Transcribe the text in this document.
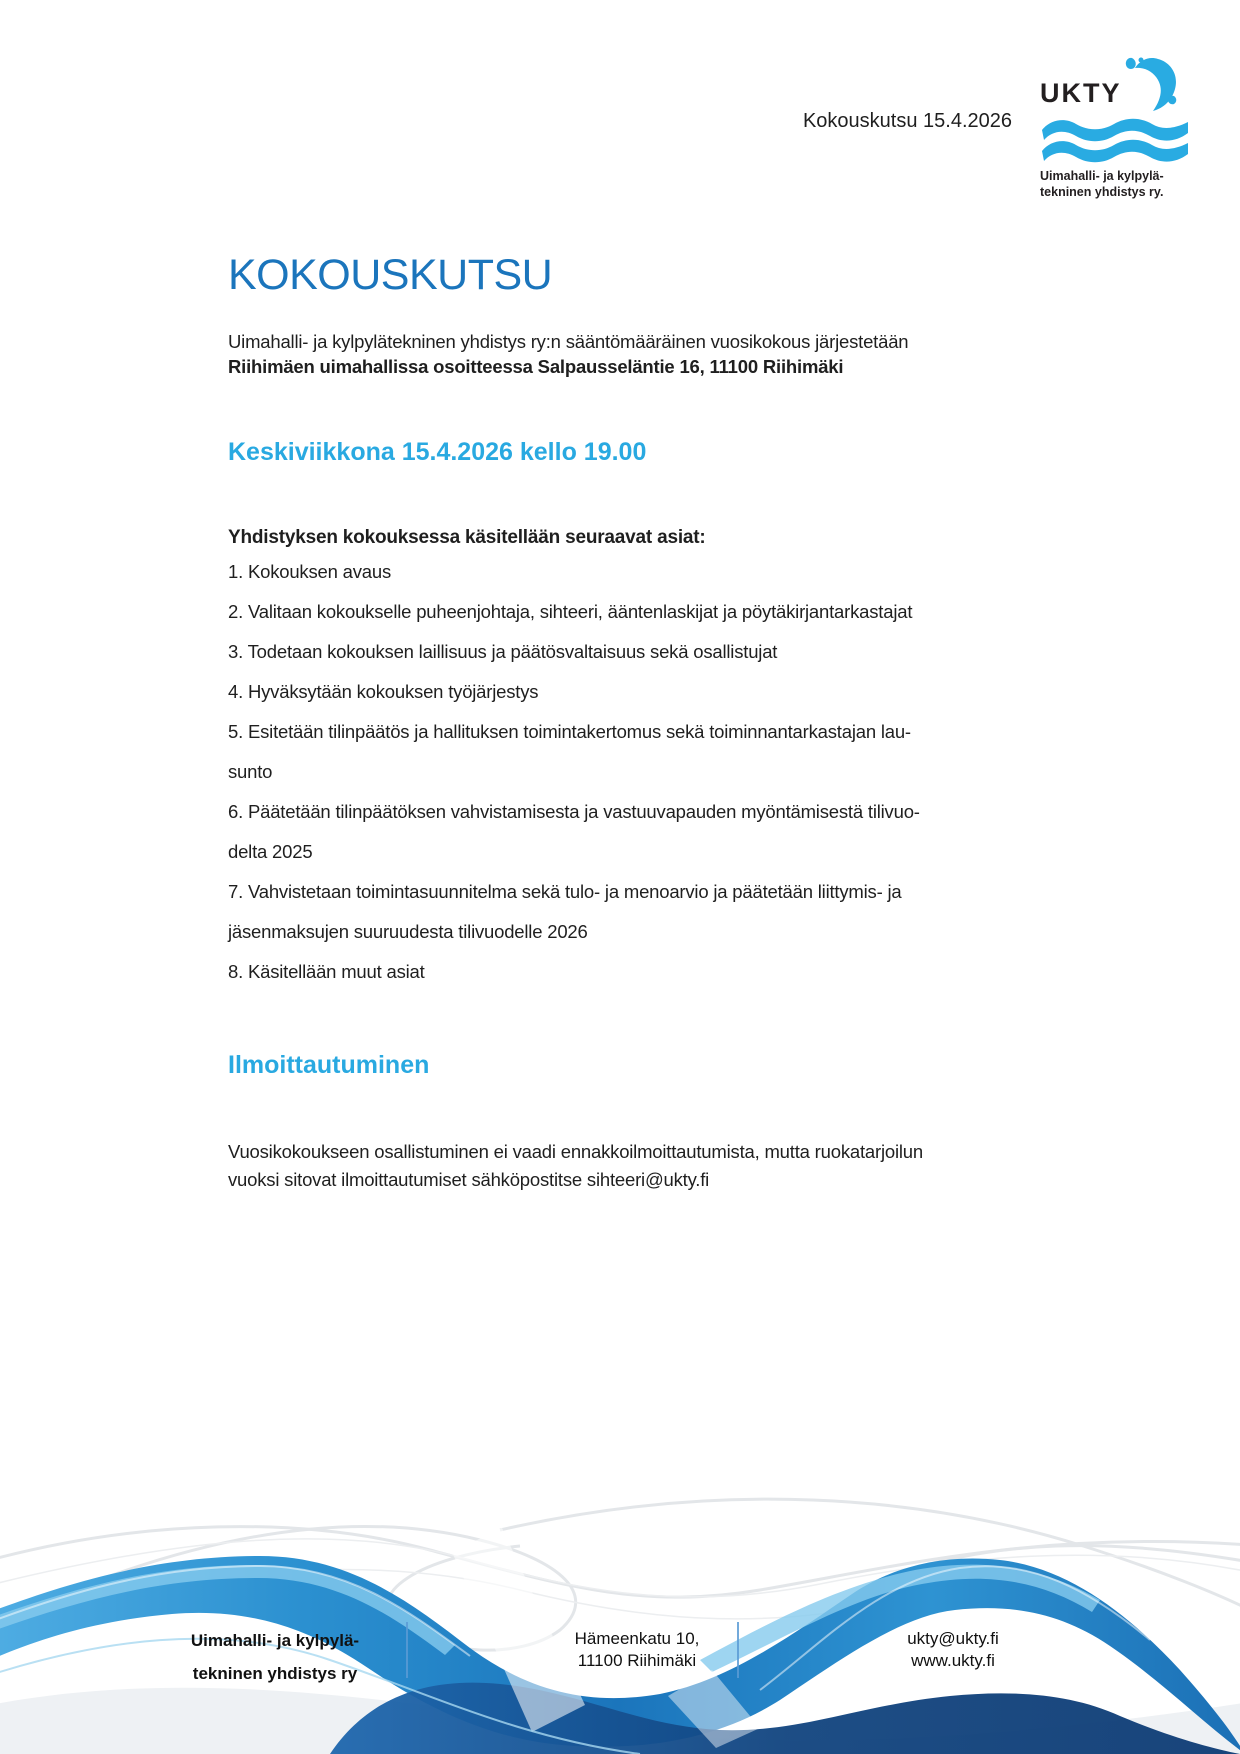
Kokouskutsu 15.4.2026
UKTY
Uimahalli- ja kylpylä-
tekninen yhdistys ry.
KOKOUSKUTSU
Uimahalli- ja kylpylätekninen yhdistys ry:n sääntömääräinen vuosikokous järjestetään
Riihimäen uimahallissa osoitteessa Salpausseläntie 16, 11100 Riihimäki
Keskiviikkona 15.4.2026 kello 19.00
Yhdistyksen kokouksessa käsitellään seuraavat asiat:
1. Kokouksen avaus
2. Valitaan kokoukselle puheenjohtaja, sihteeri, ääntenlaskijat ja pöytäkirjantarkastajat
3. Todetaan kokouksen laillisuus ja päätösvaltaisuus sekä osallistujat
4. Hyväksytään kokouksen työjärjestys
5. Esitetään tilinpäätös ja hallituksen toimintakertomus sekä toiminnantarkastajan lau-
sunto
6. Päätetään tilinpäätöksen vahvistamisesta ja vastuuvapauden myöntämisestä tilivuo-
delta 2025
7. Vahvistetaan toimintasuunnitelma sekä tulo- ja menoarvio ja päätetään liittymis- ja
jäsenmaksujen suuruudesta tilivuodelle 2026
8. Käsitellään muut asiat
Ilmoittautuminen
Vuosikokoukseen osallistuminen ei vaadi ennakkoilmoittautumista, mutta ruokatarjoilun
vuoksi sitovat ilmoittautumiset sähköpostitse sihteeri@ukty.fi
Uimahalli- ja kylpylä-
tekninen yhdistys ry
Hämeenkatu 10,
11100 Riihimäki
ukty@ukty.fi
www.ukty.fi
